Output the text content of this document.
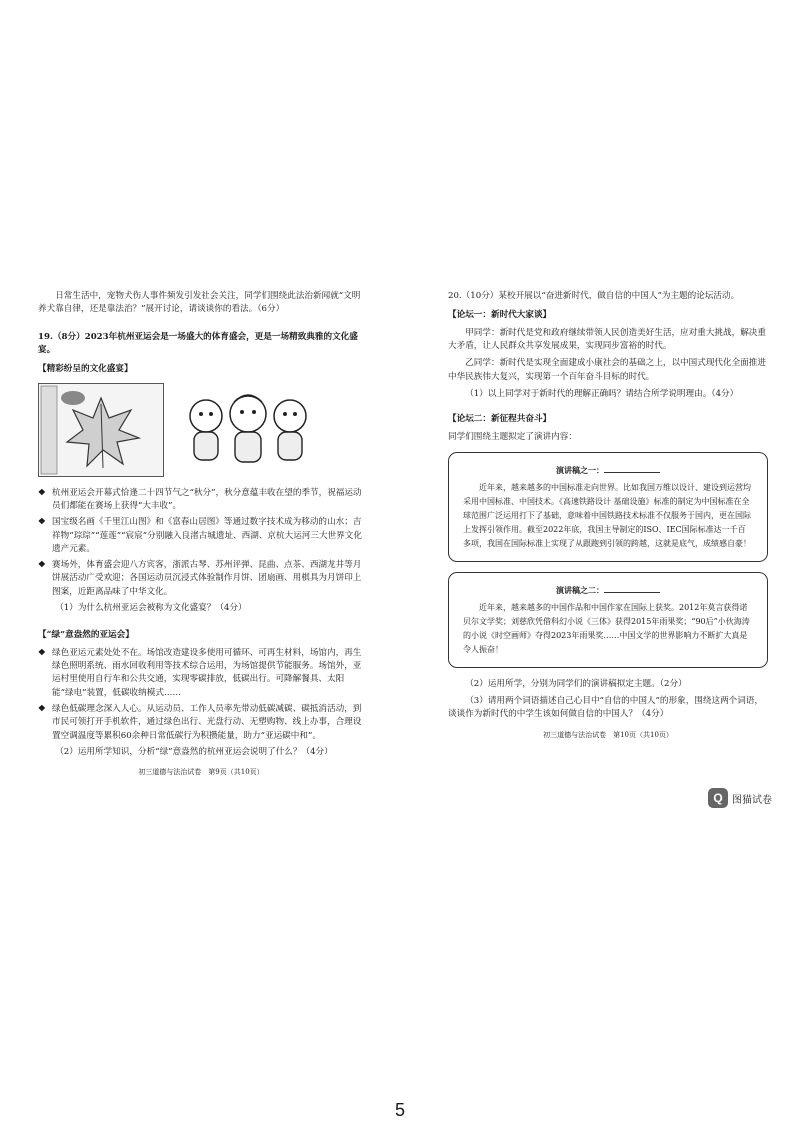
日常生活中，宠物犬伤人事件频发引发社会关注，同学们围绕此法治新闻就“文明养犬靠自律，还是靠法治？”展开讨论，请谈谈你的看法。（6分）

19.（8分）2023年杭州亚运会是一场盛大的体育盛会，更是一场精致典雅的文化盛宴。

【精彩纷呈的文化盛宴】
❖ 杭州亚运会开幕式恰逢二十四节气之“秋分”，秋分意蕴丰收在望的季节，祝福运动员们都能在赛场上获得“大丰收”。
❖ 国宝级名画《千里江山图》和《富春山居图》等通过数字技术成为移动的山水；吉祥物“琮琮”“莲莲”“宸宸”分别融入良渚古城遗址、西湖、京杭大运河三大世界文化遗产元素。
❖ 赛场外，体育盛会迎八方宾客，浙派古琴、苏州评弹、昆曲、点茶、西湖龙井等月饼展活动广受欢迎；各国运动员沉浸式体验制作月饼、团扇画、用棋具为月饼印上图案，近距离品味了中华文化。

（1）为什么杭州亚运会被称为文化盛宴？（4分）

【“绿”意盎然的亚运会】
❖ 绿色亚运元素处处不在。场馆改造建设多使用可循环、可再生材料，场馆内，再生绿色照明系统、雨水回收利用等技术综合运用，为场馆提供节能服务。场馆外，亚运村里使用自行车和公共交通，实现零碳排放，低碳出行。可降解餐具、太阳能“绿电”装置，低碳收纳模式……
❖ 绿色低碳理念深入人心。从运动员、工作人员率先带动低碳减碳、碳抵消活动，到市民可领打开手机软件，通过绿色出行、光盘行动、无塑购物、线上办事，合理设置空调温度等累积60余种日常低碳行为积攒能量，助力“亚运碳中和”。

（2）运用所学知识，分析“绿”意盎然的杭州亚运会说明了什么？（4分）

初三道德与法治试卷　第9页（共10页）

20.（10分）某校开展以“奋进新时代，做自信的中国人”为主题的论坛活动。

【论坛一：新时代大家谈】

甲同学：新时代是党和政府继续带领人民创造美好生活，应对重大挑战，解决重大矛盾，让人民群众共享发展成果，实现同步富裕的时代。

乙同学：新时代是实现全面建成小康社会的基础之上，以中国式现代化全面推进中华民族伟大复兴，实现第一个百年奋斗目标的时代。

（1）以上同学对于新时代的理解正确吗？请结合所学说明理由。（4分）

【论坛二：新征程共奋斗】

同学们围绕主题拟定了演讲内容：

演讲稿之一：
近年来，越来越多的中国标准走向世界。比如我国万维以设计、建设到运营均采用中国标准、中国技术。《高速铁路设计 基础设施》标准的制定为中国标准在全球范围广泛运用打下了基础，意味着中国铁路技术标准不仅服务于国内，更在国际上发挥引领作用。截至2022年底，我国主导制定的ISO、IEC国际标准达一千百多项，我国在国际标准上实现了从跟跑到引领的跨越，这就是底气，成绩感自豪！
演讲稿之二：
近年来，越来越多的中国作品和中国作家在国际上获奖。2012年莫言获得诺贝尔文学奖；刘慈欣凭借科幻小说《三体》获得2015年雨果奖；“90后”小伙海涛的小说《时空画师》夺得2023年雨果奖……中国文学的世界影响力不断扩大真是令人振奋！

（2）运用所学，分别为同学们的演讲稿拟定主题。（2分）

（3）请用两个词语描述自己心目中“自信的中国人”的形象，围绕这两个词语，谈谈作为新时代的中学生该如何做自信的中国人？（4分）

初三道德与法治试卷　第10页（共10页）
Q 图猫试卷
5
